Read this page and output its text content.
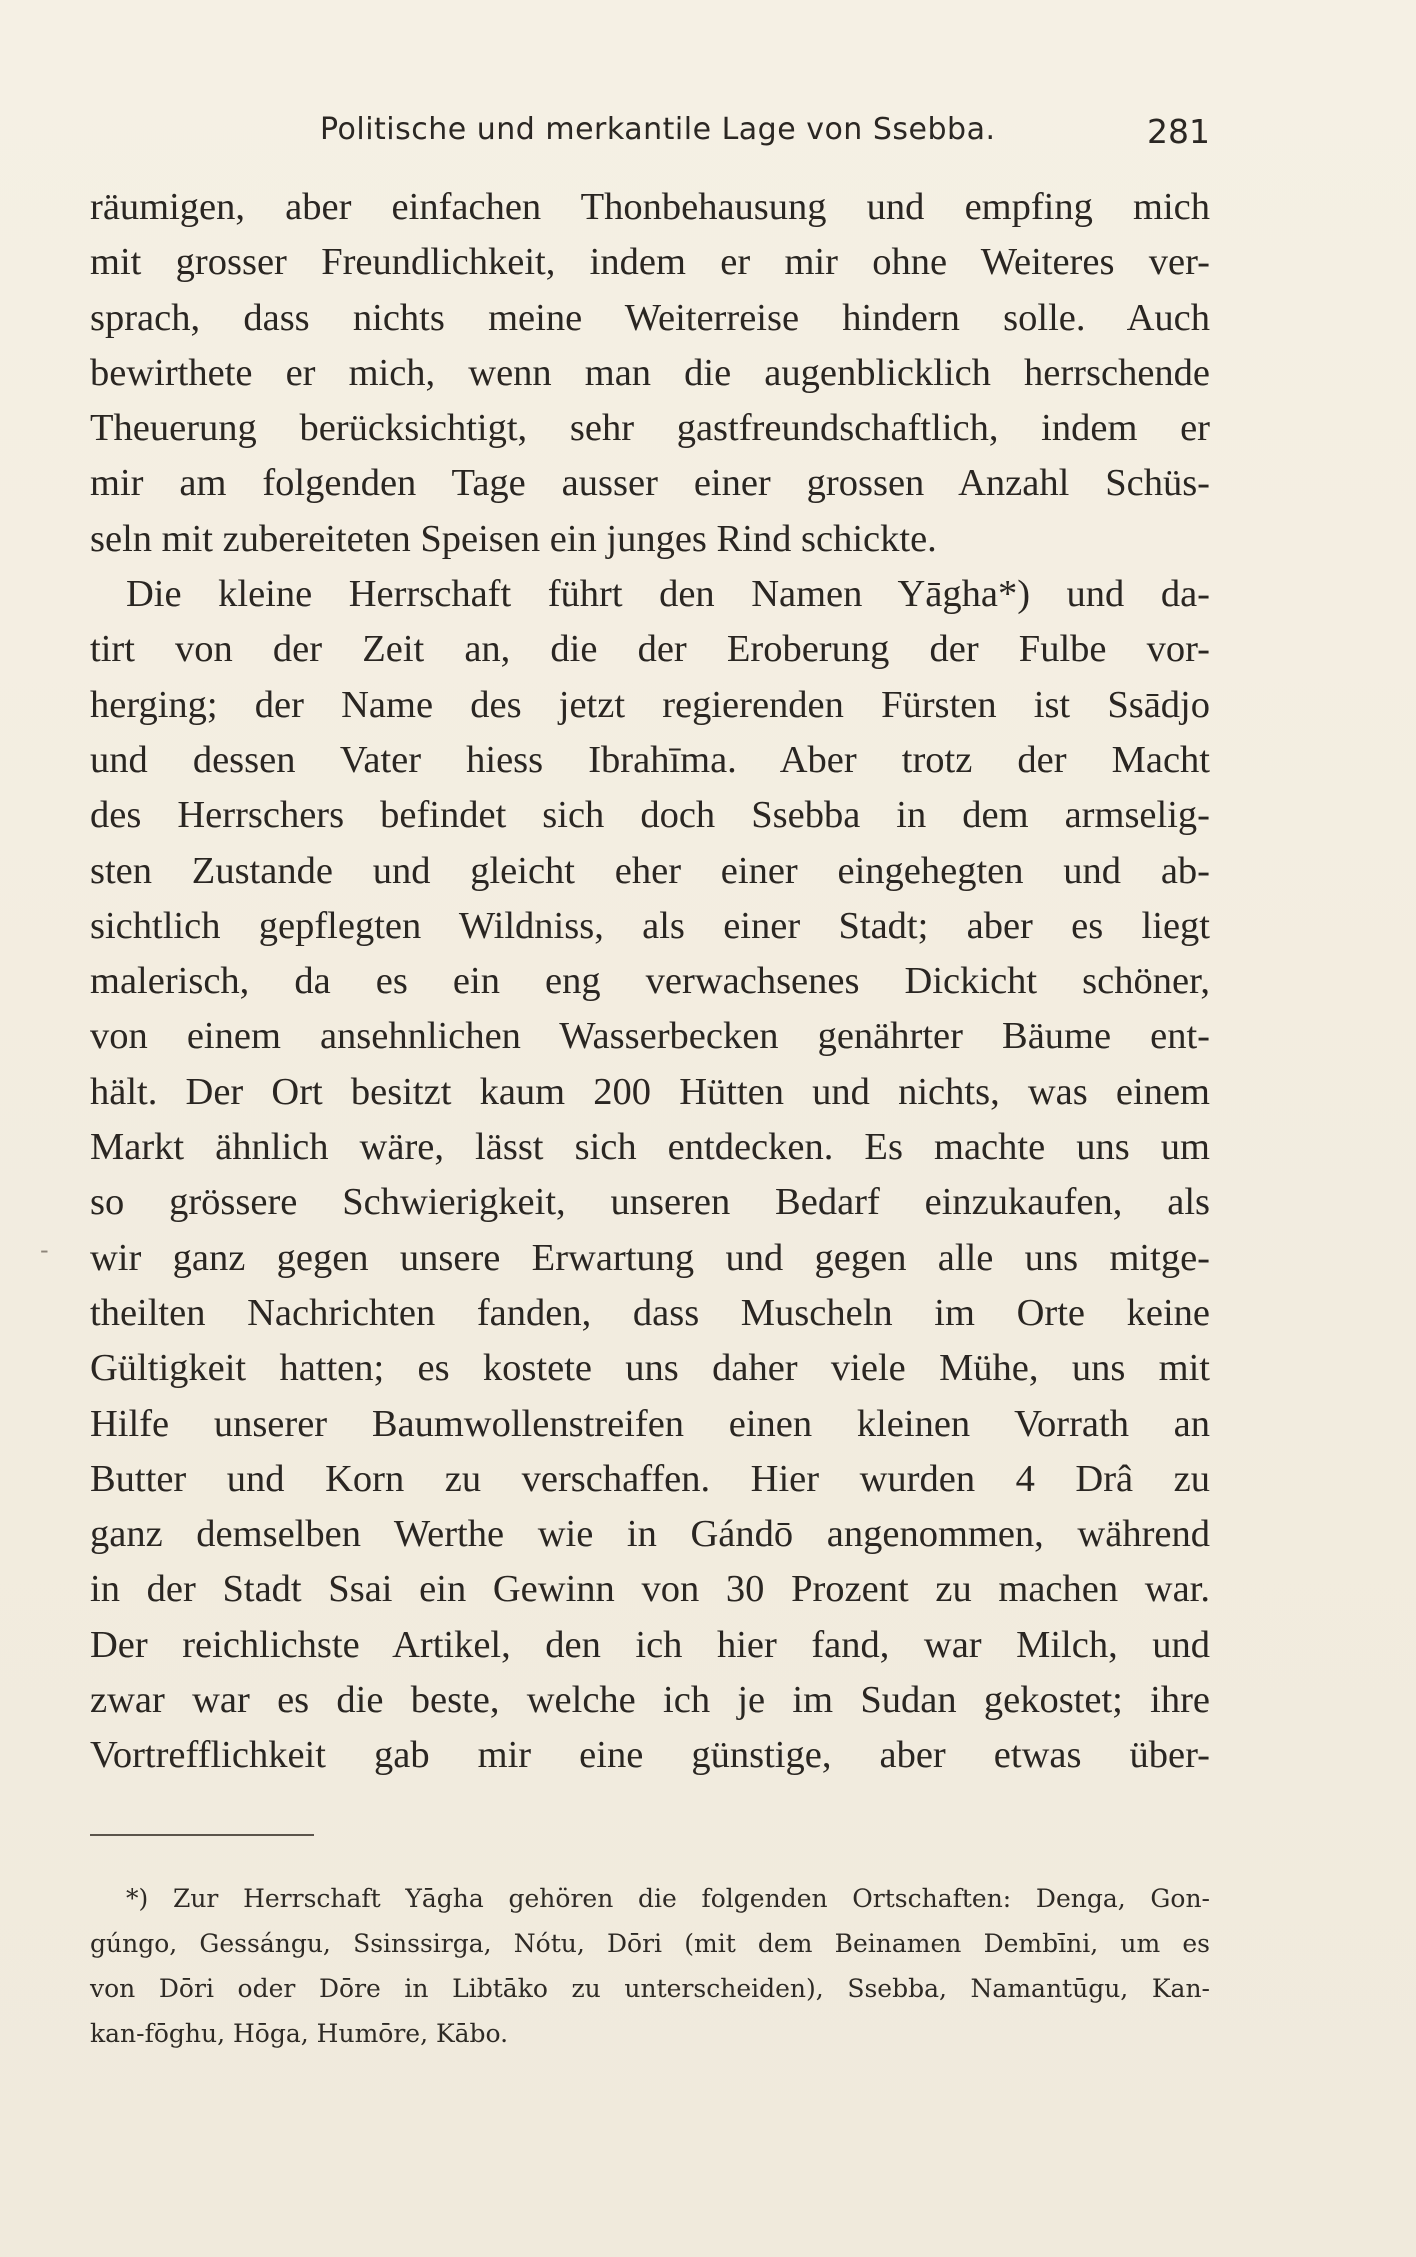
Politische und merkantile Lage von Ssebba.	281
räumigen, aber einfachen Thonbehausung und empfing mich
mit grosser Freundlichkeit, indem er mir ohne Weiteres ver-
sprach, dass nichts meine Weiterreise hindern solle. Auch
bewirthete er mich, wenn man die augenblicklich herrschende
Theuerung berücksichtigt, sehr gastfreundschaftlich, indem er
mir am folgenden Tage ausser einer grossen Anzahl Schüs-
seln mit zubereiteten Speisen ein junges Rind schickte.
Die kleine Herrschaft führt den Namen Yāgha*) und da-
tirt von der Zeit an, die der Eroberung der Fulbe vor-
herging; der Name des jetzt regierenden Fürsten ist Ssādjo
und dessen Vater hiess Ibrahīma. Aber trotz der Macht
des Herrschers befindet sich doch Ssebba in dem armselig-
sten Zustande und gleicht eher einer eingehegten und ab-
sichtlich gepflegten Wildniss, als einer Stadt; aber es liegt
malerisch, da es ein eng verwachsenes Dickicht schöner,
von einem ansehnlichen Wasserbecken genährter Bäume ent-
hält. Der Ort besitzt kaum 200 Hütten und nichts, was einem
Markt ähnlich wäre, lässt sich entdecken. Es machte uns um
so grössere Schwierigkeit, unseren Bedarf einzukaufen, als
wir ganz gegen unsere Erwartung und gegen alle uns mitge-
theilten Nachrichten fanden, dass Muscheln im Orte keine
Gültigkeit hatten; es kostete uns daher viele Mühe, uns mit
Hilfe unserer Baumwollenstreifen einen kleinen Vorrath an
Butter und Korn zu verschaffen. Hier wurden 4 Drâ zu
ganz demselben Werthe wie in Gándō angenommen, während
in der Stadt Ssai ein Gewinn von 30 Prozent zu machen war.
Der reichlichste Artikel, den ich hier fand, war Milch, und
zwar war es die beste, welche ich je im Sudan gekostet; ihre
Vortrefflichkeit gab mir eine günstige, aber etwas über-
*) Zur Herrschaft Yāgha gehören die folgenden Ortschaften: Denga, Gon-
gúngo, Gessángu, Ssinssirga, Nótu, Dōri (mit dem Beinamen Dembīni, um es
von Dōri oder Dōre in Libtāko zu unterscheiden), Ssebba, Namantūgu, Kan-
kan-fōghu, Hōga, Humōre, Kābo.
-
